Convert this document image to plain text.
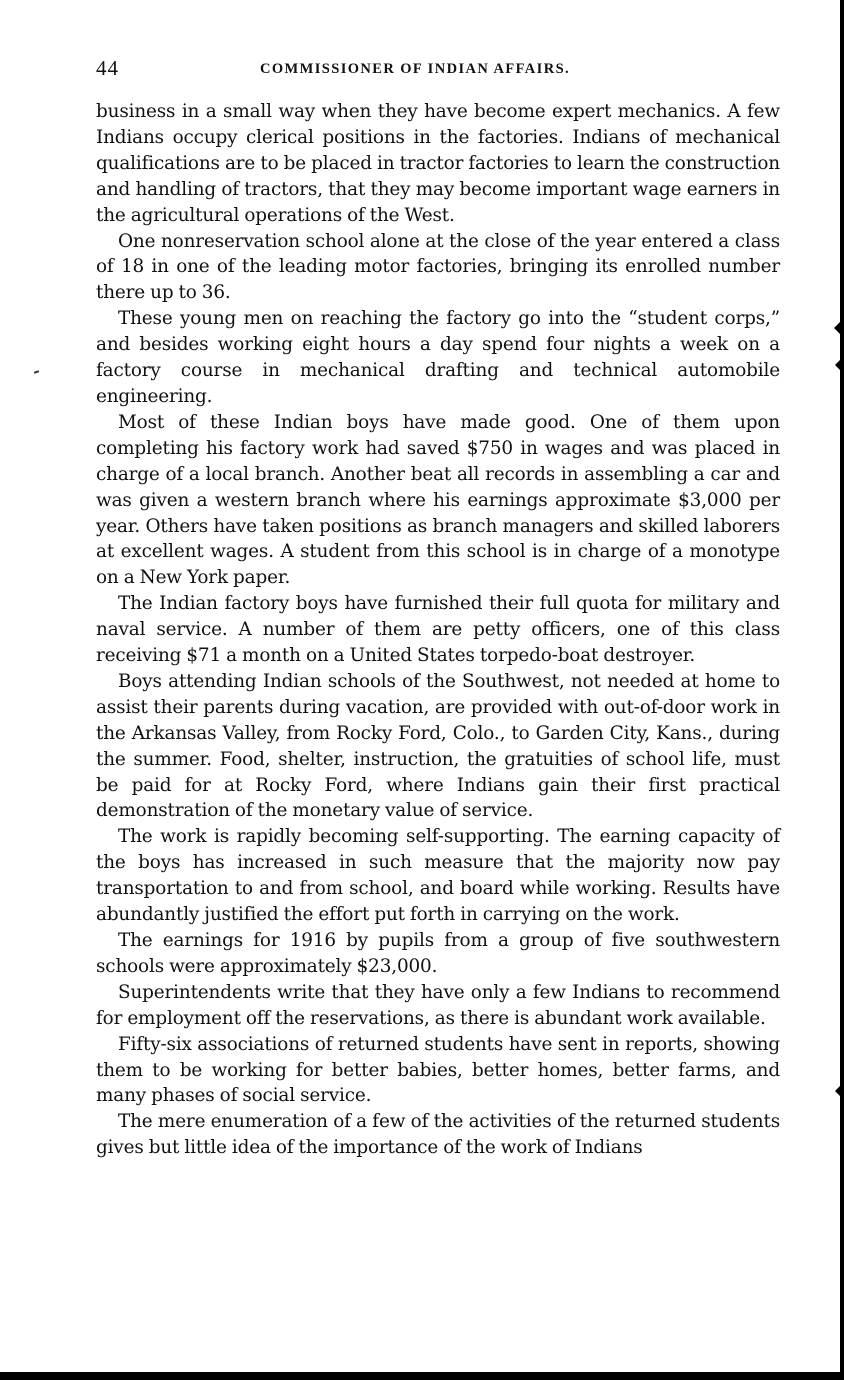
44	COMMISSIONER OF INDIAN AFFAIRS.

business in a small way when they have become expert mechanics. A few Indians occupy clerical positions in the factories. Indians of mechanical qualifications are to be placed in tractor factories to learn the construction and handling of tractors, that they may become important wage earners in the agricultural operations of the West.

One nonreservation school alone at the close of the year entered a class of 18 in one of the leading motor factories, bringing its enrolled number there up to 36.

These young men on reaching the factory go into the “student corps,” and besides working eight hours a day spend four nights a week on a factory course in mechanical drafting and technical automobile engineering.

Most of these Indian boys have made good. One of them upon completing his factory work had saved $750 in wages and was placed in charge of a local branch. Another beat all records in assembling a car and was given a western branch where his earnings approximate $3,000 per year. Others have taken positions as branch managers and skilled laborers at excellent wages. A student from this school is in charge of a monotype on a New York paper.

The Indian factory boys have furnished their full quota for military and naval service. A number of them are petty officers, one of this class receiving $71 a month on a United States torpedo-boat destroyer.

Boys attending Indian schools of the Southwest, not needed at home to assist their parents during vacation, are provided with out-of-door work in the Arkansas Valley, from Rocky Ford, Colo., to Garden City, Kans., during the summer. Food, shelter, instruction, the gratuities of school life, must be paid for at Rocky Ford, where Indians gain their first practical demonstration of the monetary value of service.

The work is rapidly becoming self-supporting. The earning capacity of the boys has increased in such measure that the majority now pay transportation to and from school, and board while working. Results have abundantly justified the effort put forth in carrying on the work.

The earnings for 1916 by pupils from a group of five southwestern schools were approximately $23,000.

Superintendents write that they have only a few Indians to recommend for employment off the reservations, as there is abundant work available.

Fifty-six associations of returned students have sent in reports, showing them to be working for better babies, better homes, better farms, and many phases of social service.

The mere enumeration of a few of the activities of the returned students gives but little idea of the importance of the work of Indians
